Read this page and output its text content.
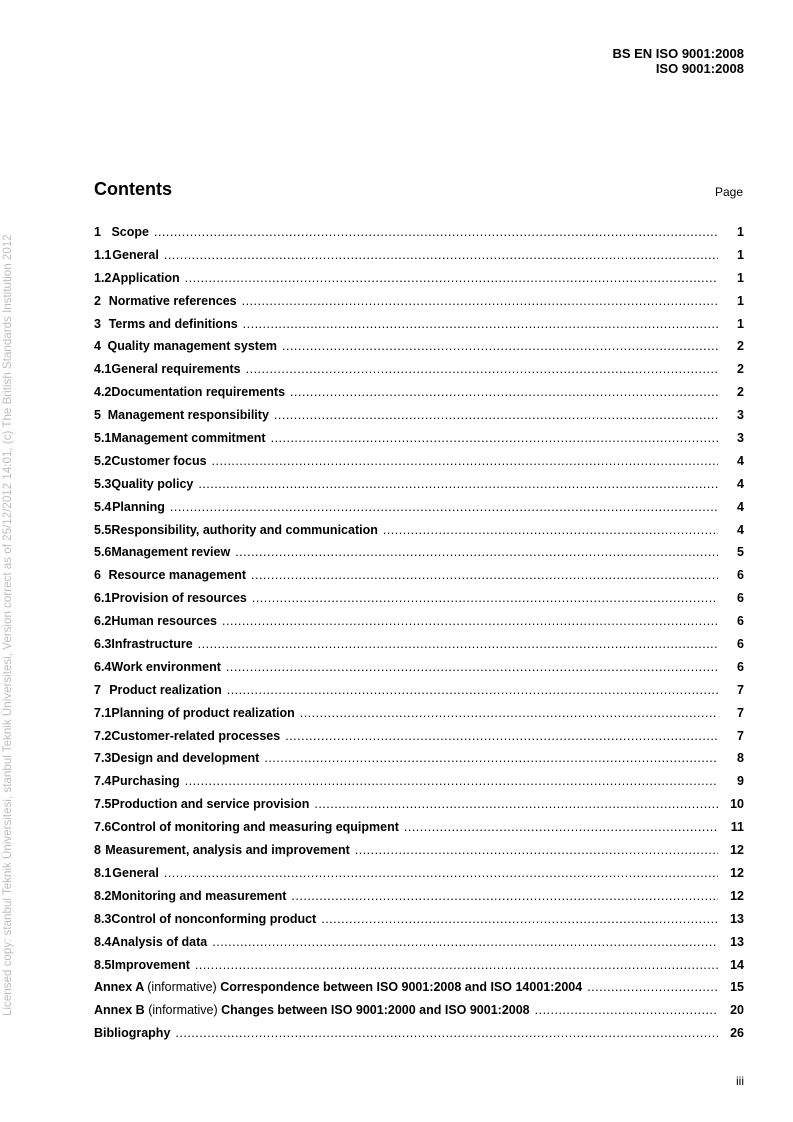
BS EN ISO 9001:2008
ISO 9001:2008
Licensed copy: stanbul Teknik Üniversitesi, stanbul Teknik Üniversitesi, Version correct as of 25/12/2012 14:01, (c) The British Standards Institution 2012
Contents	Page
1 Scope .....	1
1.1 General .....	1
1.2 Application .....	1
2 Normative references .....	1
3 Terms and definitions .....	1
4 Quality management system .....	2
4.1 General requirements .....	2
4.2 Documentation requirements .....	2
5 Management responsibility .....	3
5.1 Management commitment .....	3
5.2 Customer focus .....	4
5.3 Quality policy .....	4
5.4 Planning .....	4
5.5 Responsibility, authority and communication .....	4
5.6 Management review .....	5
6 Resource management .....	6
6.1 Provision of resources .....	6
6.2 Human resources .....	6
6.3 Infrastructure .....	6
6.4 Work environment .....	6
7 Product realization .....	7
7.1 Planning of product realization .....	7
7.2 Customer-related processes .....	7
7.3 Design and development .....	8
7.4 Purchasing .....	9
7.5 Production and service provision .....	10
7.6 Control of monitoring and measuring equipment .....	11
8 Measurement, analysis and improvement .....	12
8.1 General .....	12
8.2 Monitoring and measurement .....	12
8.3 Control of nonconforming product .....	13
8.4 Analysis of data .....	13
8.5 Improvement .....	14
Annex A (informative) Correspondence between ISO 9001:2008 and ISO 14001:2004 .....	15
Annex B (informative) Changes between ISO 9001:2000 and ISO 9001:2008 .....	20
Bibliography .....	26
iii
